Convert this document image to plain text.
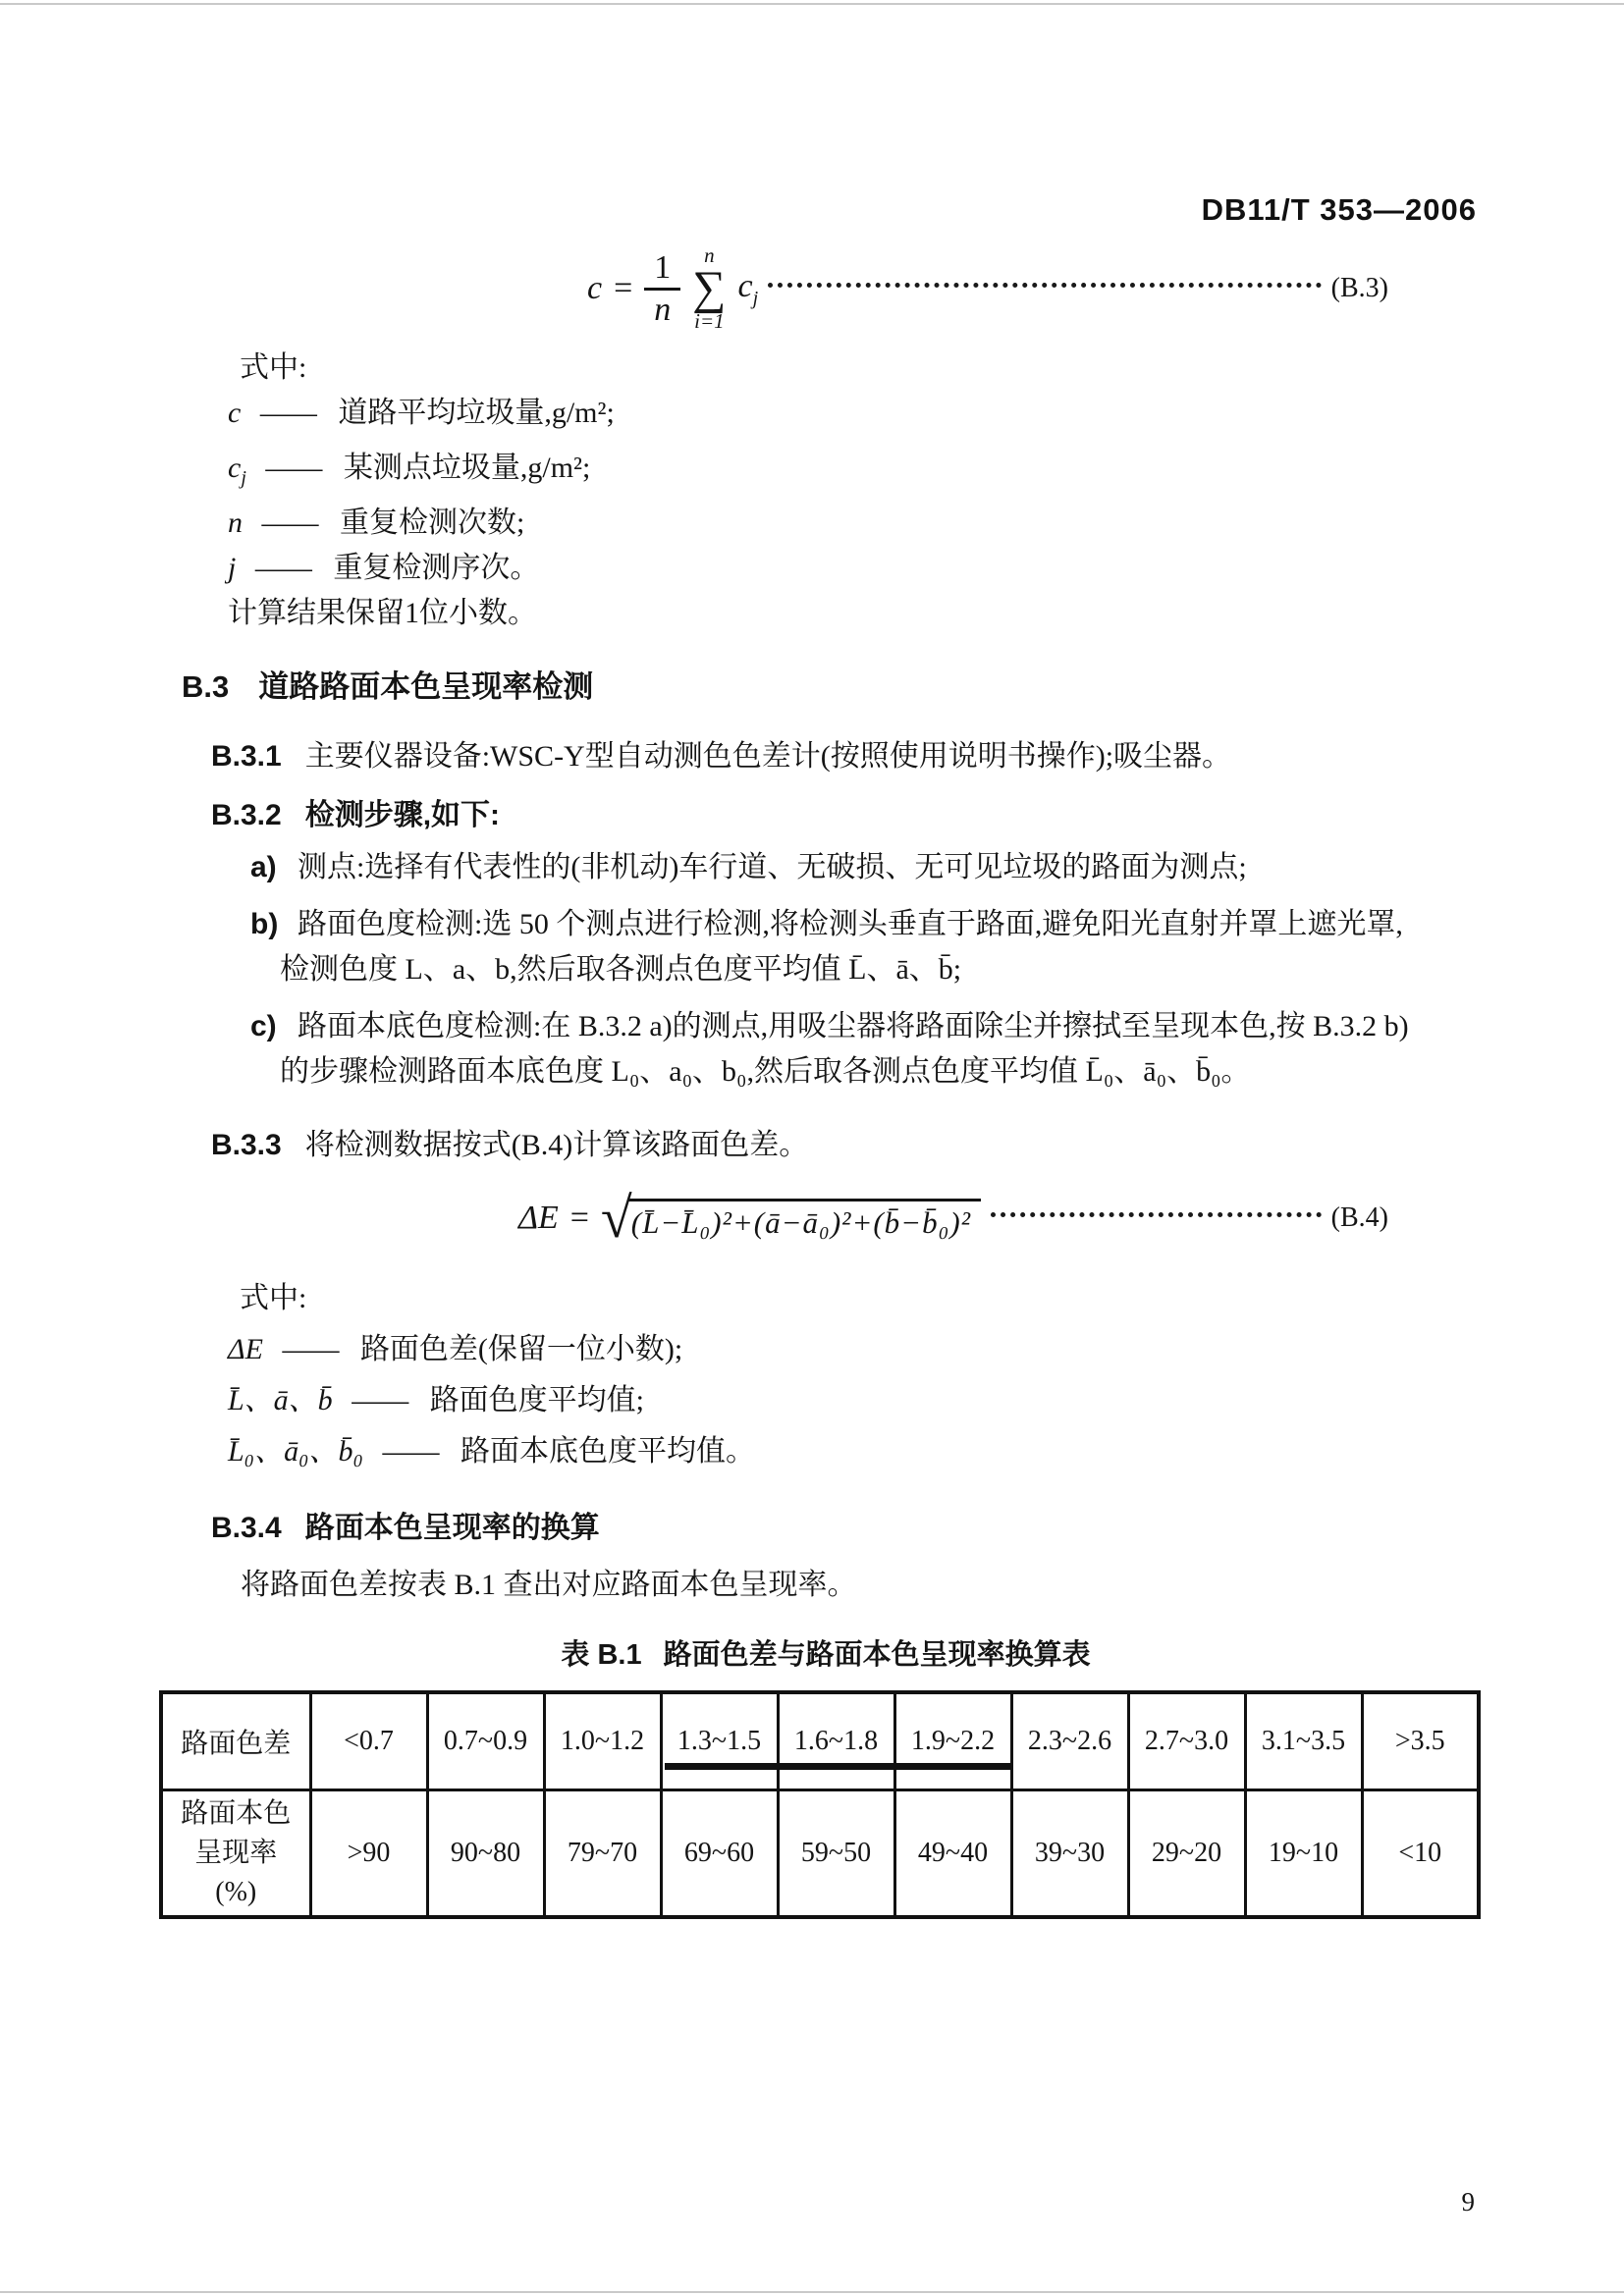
DB11/T 353—2006
$c = \frac{1}{n}$ n
∑
i=1
$c_j$	(B.3)
式中:
c —— 道路平均垃圾量,g/m²;
$c_j$ —— 某测点垃圾量,g/m²;
n —— 重复检测次数;
j —— 重复检测序次。
计算结果保留1位小数。
B.3 道路路面本色呈现率检测
B.3.1 主要仪器设备:WSC-Y型自动测色色差计(按照使用说明书操作);吸尘器。
B.3.2 检测步骤,如下:
a) 测点:选择有代表性的(非机动)车行道、无破损、无可见垃圾的路面为测点;
b) 路面色度检测:选 50 个测点进行检测,将检测头垂直于路面,避免阳光直射并罩上遮光罩,
检测色度 L、a、b,然后取各测点色度平均值 L̄、ā、b̄;
c) 路面本底色度检测:在 B.3.2 a)的测点,用吸尘器将路面除尘并擦拭至呈现本色,按 B.3.2 b)
的步骤检测路面本底色度 L₀、a₀、b₀,然后取各测点色度平均值 L̄₀、ā₀、b̄₀。
B.3.3 将检测数据按式(B.4)计算该路面色差。
ΔE = √ (L̄−L̄₀)²+(ā−ā₀)²+(b̄−b̄₀)²	(B.4)
式中:
ΔE —— 路面色差(保留一位小数);
L̄、ā、b̄ —— 路面色度平均值;
L̄₀、ā₀、b̄₀ —— 路面本底色度平均值。
B.3.4 路面本色呈现率的换算
将路面色差按表 B.1 查出对应路面本色呈现率。
表 B.1 路面色差与路面本色呈现率换算表
路面色差	<0.7	0.7~0.9	1.0~1.2	1.3~1.5	1.6~1.8	1.9~2.2	2.3~2.6	2.7~3.0	3.1~3.5	>3.5

路面本色
呈现率
(%)	>90	90~80	79~70	69~60	59~50	49~40	39~30	29~20	19~10	<10
9
